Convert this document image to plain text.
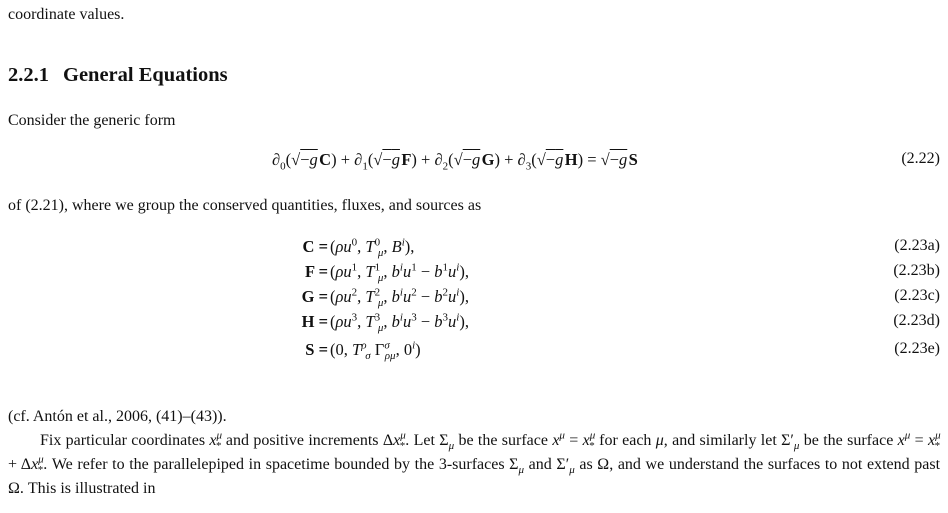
coordinate values.
2.2.1 General Equations
Consider the generic form
$\partial_0(√-g$ $C) + \partial_1(√-g$ $F) + \partial_2(√-g$ $G) + \partial_3(√-g$ H) = √−g S	(2.22)
of (2.21), where we group the conserved quantities, fluxes, and sources as
$C = (\rho u^0$, $T^0$ $_\mu$, $B^i$),	(2.23a)
$F = (\rho u^1$, $T^1$ $_\mu$, $b^iu^1 - b^1u^i$),	(2.23b)
$G = (\rho u^2$, $T^2$ $_\mu$, $b^iu^2 - b^2u^i$),	(2.23c)
$H = (\rho u^3$, $T^3$ $_\mu$, $b^iu^3 - b^3u^i$),	(2.23d)
S = (0, $T^\rho$ $_\sigma$ $\Gamma^\sigma_{\rho\mu}$, 0$^i$)	(2.23e)
(cf. Antón et al., 2006, (41)–(43)).
Fix particular coordinates $x^\mu_*$ and positive increments $\Delta x^\mu_*$. Let $\Sigma_\mu$ be the surface $x^\mu = x^\mu_*$ for each μ, and similarly let $\Sigma'_\mu$ be the surface $x^\mu = x^\mu_* + \Delta x^\mu_*$. We refer to the parallelepiped in spacetime bounded by the 3-surfaces $\Sigma_\mu$ and $\Sigma'_\mu$ as Ω, and we understand the surfaces to not extend past Ω. This is illustrated in
